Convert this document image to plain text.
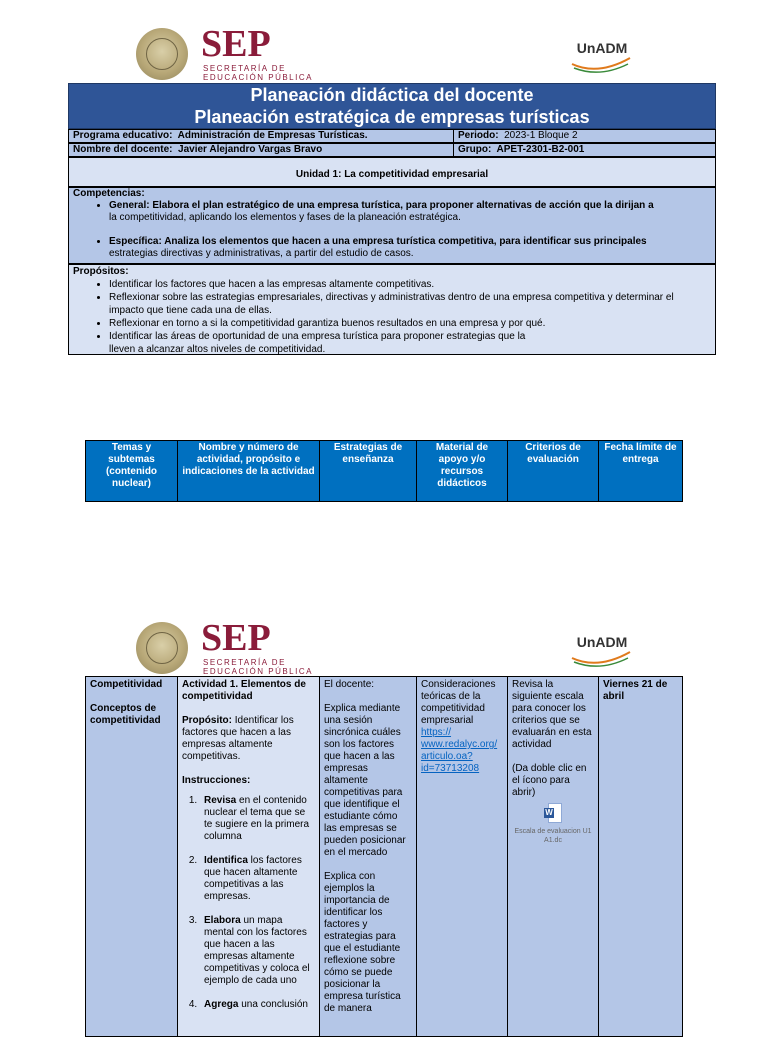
SEP
SECRETARÍA DE
EDUCACIÓN PÚBLICA
UnADM
Planeación didáctica del docente
Planeación estratégica de empresas turísticas
Programa educativo: Administración de Empresas Turísticas.	Periodo: 2023-1 Bloque 2
Nombre del docente: Javier Alejandro Vargas Bravo	Grupo: APET-2301-B2-001
Unidad 1: La competitividad empresarial
Competencias:
• General: Elabora el plan estratégico de una empresa turística, para proponer alternativas de acción que la dirijan a
la competitividad, aplicando los elementos y fases de la planeación estratégica.
• Específica: Analiza los elementos que hacen a una empresa turística competitiva, para identificar sus principales
estrategias directivas y administrativas, a partir del estudio de casos.
Propósitos:
• Identificar los factores que hacen a las empresas altamente competitivas.
• Reflexionar sobre las estrategias empresariales, directivas y administrativas dentro de una empresa competitiva y determinar el impacto que tiene cada una de ellas.
• Reflexionar en torno a si la competitividad garantiza buenos resultados en una empresa y por qué.
• Identificar las áreas de oportunidad de una empresa turística para proponer estrategias que la lleven a alcanzar altos niveles de competitividad.
Temas y subtemas (contenido nuclear)	Nombre y número de actividad, propósito e indicaciones de la actividad	Estrategias de enseñanza	Material de apoyo y/o recursos didácticos	Criterios de evaluación	Fecha límite de entrega
SEP
SECRETARÍA DE
EDUCACIÓN PÚBLICA
UnADM
Competitividad

Conceptos de competitividad	Actividad 1. Elementos de competitividad

Propósito: Identificar los factores que hacen a las empresas altamente competitivas.

Instrucciones:
1. Revisa en el contenido nuclear el tema que se te sugiere en la primera columna
2. Identifica los factores que hacen altamente competitivas a las empresas.
3. Elabora un mapa mental con los factores que hacen a las empresas altamente competitivas y coloca el ejemplo de cada uno
4. Agrega una conclusión
	El docente:

Explica mediante una sesión sincrónica cuáles son los factores que hacen a las empresas altamente competitivas para que identifique el estudiante cómo las empresas se pueden posicionar en el mercado

Explica con ejemplos la importancia de identificar los factores y estrategias para que el estudiante reflexione sobre cómo se puede posicionar la empresa turística de manera	Consideraciones teóricas de la competitividad empresarial
https:// www.redalyc.org/ articulo.oa? id=73713208	Revisa la siguiente escala para conocer los criterios que se evaluarán en esta actividad

(Da doble clic en el ícono para abrir)
W
Escala de evaluacion U1 A1.dc
	Viernes 21 de abril
